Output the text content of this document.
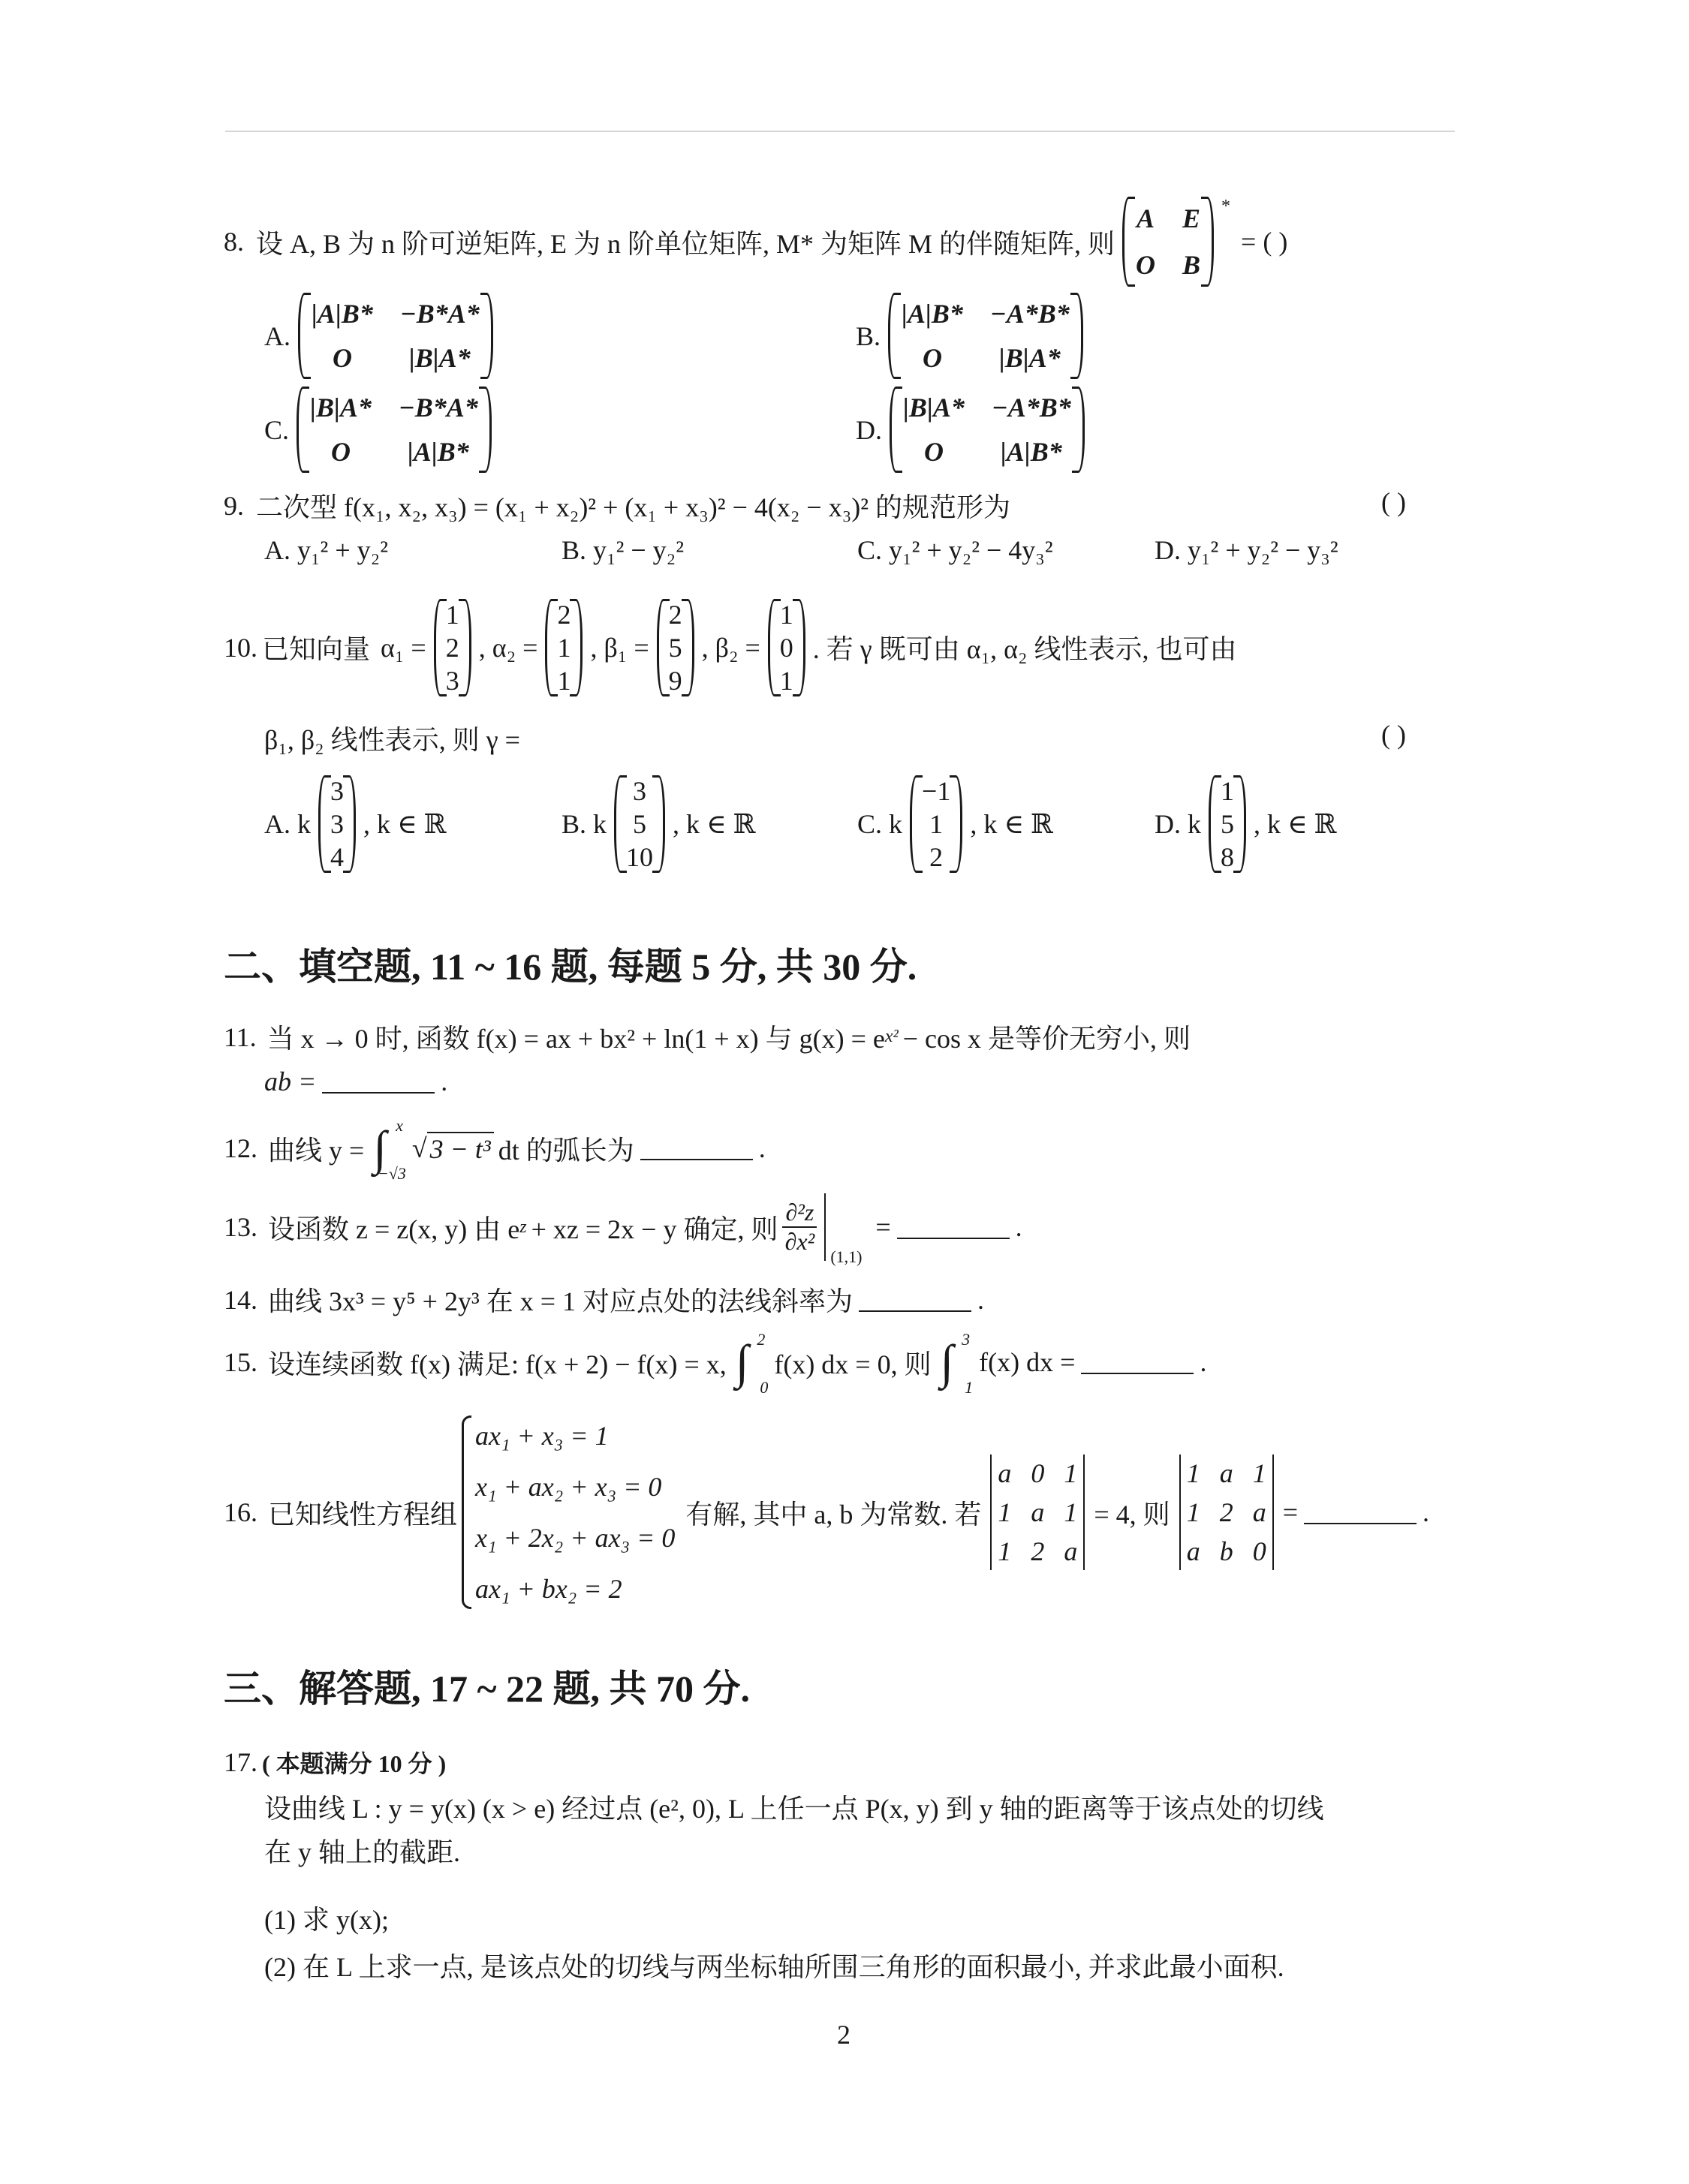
8. 设 A, B 为 n 阶可逆矩阵, E 为 n 阶单位矩阵, M* 为矩阵 M 的伴随矩阵, 则
A E
O B
*
= ( )
A.
|A|B* −B*A*
O |B|A*
B.
|A|B* −A*B*
O |B|A*
C.
|B|A* −B*A*
O |A|B*
D.
|B|A* −A*B*
O |A|B*
9. 二次型 f(x₁, x₂, x₃) = (x₁ + x₂)² + (x₁ + x₃)² − 4(x₂ − x₃)² 的规范形为	( )
A. y₁² + y₂²	B. y₁² − y₂²	C. y₁² + y₂² − 4y₃²	D. y₁² + y₂² − y₃²
10. 已知向量 α₁ =
1
2
3
, α₂ =
2
1
1
, β₁ =
2
5
9
, β₂ =
1
0
1
. 若 γ 既可由 α₁, α₂ 线性表示, 也可由
β₁, β₂ 线性表示, 则 γ =	( )
A. k
3
3
4
, k ∈ ℝ	B. k
3
5
10
, k ∈ ℝ	C. k
−1
1
2
, k ∈ ℝ	D. k
1
5
8
, k ∈ ℝ
二、填空题, 11 ~ 16 题, 每题 5 分, 共 30 分.
11. 当 x → 0 时, 函数 f(x) = ax + bx² + ln(1 + x) 与 g(x) = e x² − cos x 是等价无穷小, 则
ab =	.
12. 曲线 y = ∫ x
−√3
√ 3 − t³ dt 的弧长为	.
13. 设函数 z = z(x, y) 由 e z + xz = 2x − y 确定, 则 $\frac{\text{∂²z}}{\text{∂x²}}$
(1,1)
=	.
14. 曲线 3x³ = y⁵ + 2y³ 在 x = 1 对应点处的法线斜率为	.
15. 设连续函数 f(x) 满足: f(x + 2) − f(x) = x, ∫ 2
0
f(x) dx = 0, 则 ∫ 3
1
f(x) dx =	.
16. 已知线性方程组
ax₁ + x₃ = 1
x₁ + ax₂ + x₃ = 0
x₁ + 2x₂ + ax₃ = 0
ax₁ + bx₂ = 2
有解, 其中 a, b 为常数. 若
a 0 1
1 a 1
1 2 a
= 4, 则
1 a 1
1 2 a
a b 0
=	.
三、解答题, 17 ~ 22 题, 共 70 分.
17. ( 本题满分 10 分 )
设曲线 L : y = y(x) (x > e) 经过点 (e², 0), L 上任一点 P(x, y) 到 y 轴的距离等于该点处的切线
在 y 轴上的截距.
(1) 求 y(x);
(2) 在 L 上求一点, 是该点处的切线与两坐标轴所围三角形的面积最小, 并求此最小面积.
2
